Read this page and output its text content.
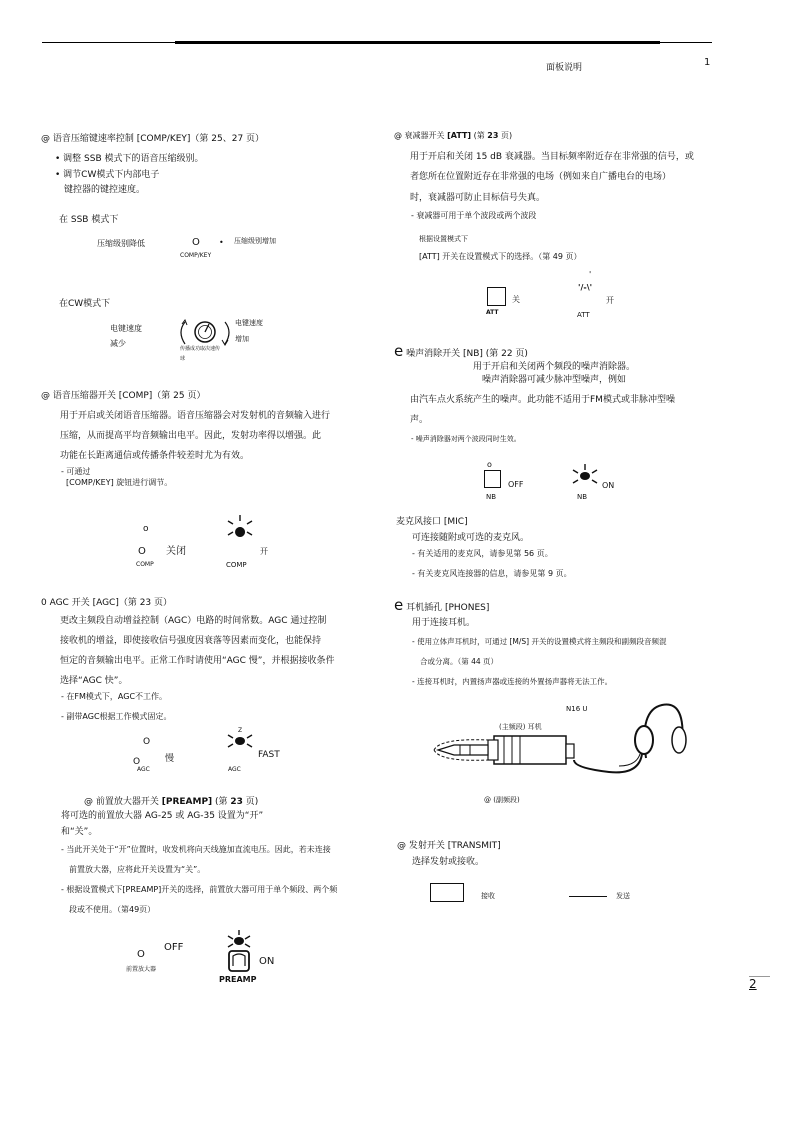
面板说明	1
@ 语音压缩键速率控制 [COMP/KEY]（第 25、27 页）
• 调整 SSB 模式下的语音压缩级别。
• 调节CW模式下内部电子
键控器的键控速度。
在 SSB 模式下
压缩级别降低	O • 压缩级别增加
COMP/KEY
在CW模式下
电键速度
减少
电键速度
增加
传播成功取决速传
球
@ 语音压缩器开关 [COMP]（第 25 页）
用于开启或关闭语音压缩器。语音压缩器会对发射机的音频输入进行
压缩，从而提高平均音频输出电平。因此，发射功率得以增强。此
功能在长距离通信或传播条件较差时尤为有效。
- 可通过
[COMP/KEY] 旋钮进行调节。
o
O 关闭	开
COMP	COMP
0 AGC 开关 [AGC]（第 23 页）
更改主频段自动增益控制（AGC）电路的时间常数。AGC 通过控制
接收机的增益，即使接收信号强度因衰落等因素而变化，也能保持
恒定的音频输出电平。正常工作时请使用“AGC 慢”，并根据接收条件
选择“AGC 快”。
- 在FM模式下，AGC不工作。
- 副带AGC根据工作模式固定。
O
O	慢
Z
FAST
AGC	AGC
@ 前置放大器开关 [PREAMP] (第 23 页)
将可选的前置放大器 AG-25 或 AG-35 设置为“开”
和“关”。
- 当此开关处于“开”位置时，收发机将向天线施加直流电压。因此，若未连接
前置放大器，应将此开关设置为“关”。
- 根据设置模式下[PREAMP]开关的选择，前置放大器可用于单个频段、两个频
段或不使用。（第49页）
O
OFF
前置放大器
ON
PREAMP
@ 衰减器开关 [ATT] (第 23 页)
用于开启和关闭 15 dB 衰减器。当目标频率附近存在非常强的信号，或
者您所在位置附近存在非常强的电场（例如来自广播电台的电场）
时，衰减器可防止目标信号失真。
- 衰减器可用于单个波段或两个波段
根据设置模式下
[ATT] 开关在设置模式下的选择。（第 49 页）
'
'/-\'
关	开
ATT	ATT
e 噪声消除开关 [NB] (第 22 页)
用于开启和关闭两个频段的噪声消除器。
噪声消除器可减少脉冲型噪声，例如
由汽车点火系统产生的噪声。此功能不适用于FM模式或非脉冲型噪
声。
- 噪声消除器对两个波段同时生效。
o
OFF	ON
NB	NB
麦克风接口 [MIC]
可连接随附或可选的麦克风。
- 有关适用的麦克风，请参见第 56 页。
- 有关麦克风连接器的信息，请参见第 9 页。
e 耳机插孔 [PHONES]
用于连接耳机。
- 使用立体声耳机时，可通过 [M/S] 开关的设置模式将主频段和副频段音频混
合或分离。（第 44 页）
- 连接耳机时，内置扬声器或连接的外置扬声器将无法工作。
N16 U
(主频段) 耳机
@ (副频段)
@ 发射开关 [TRANSMIT]
选择发射或接收。
接收	发送
2
